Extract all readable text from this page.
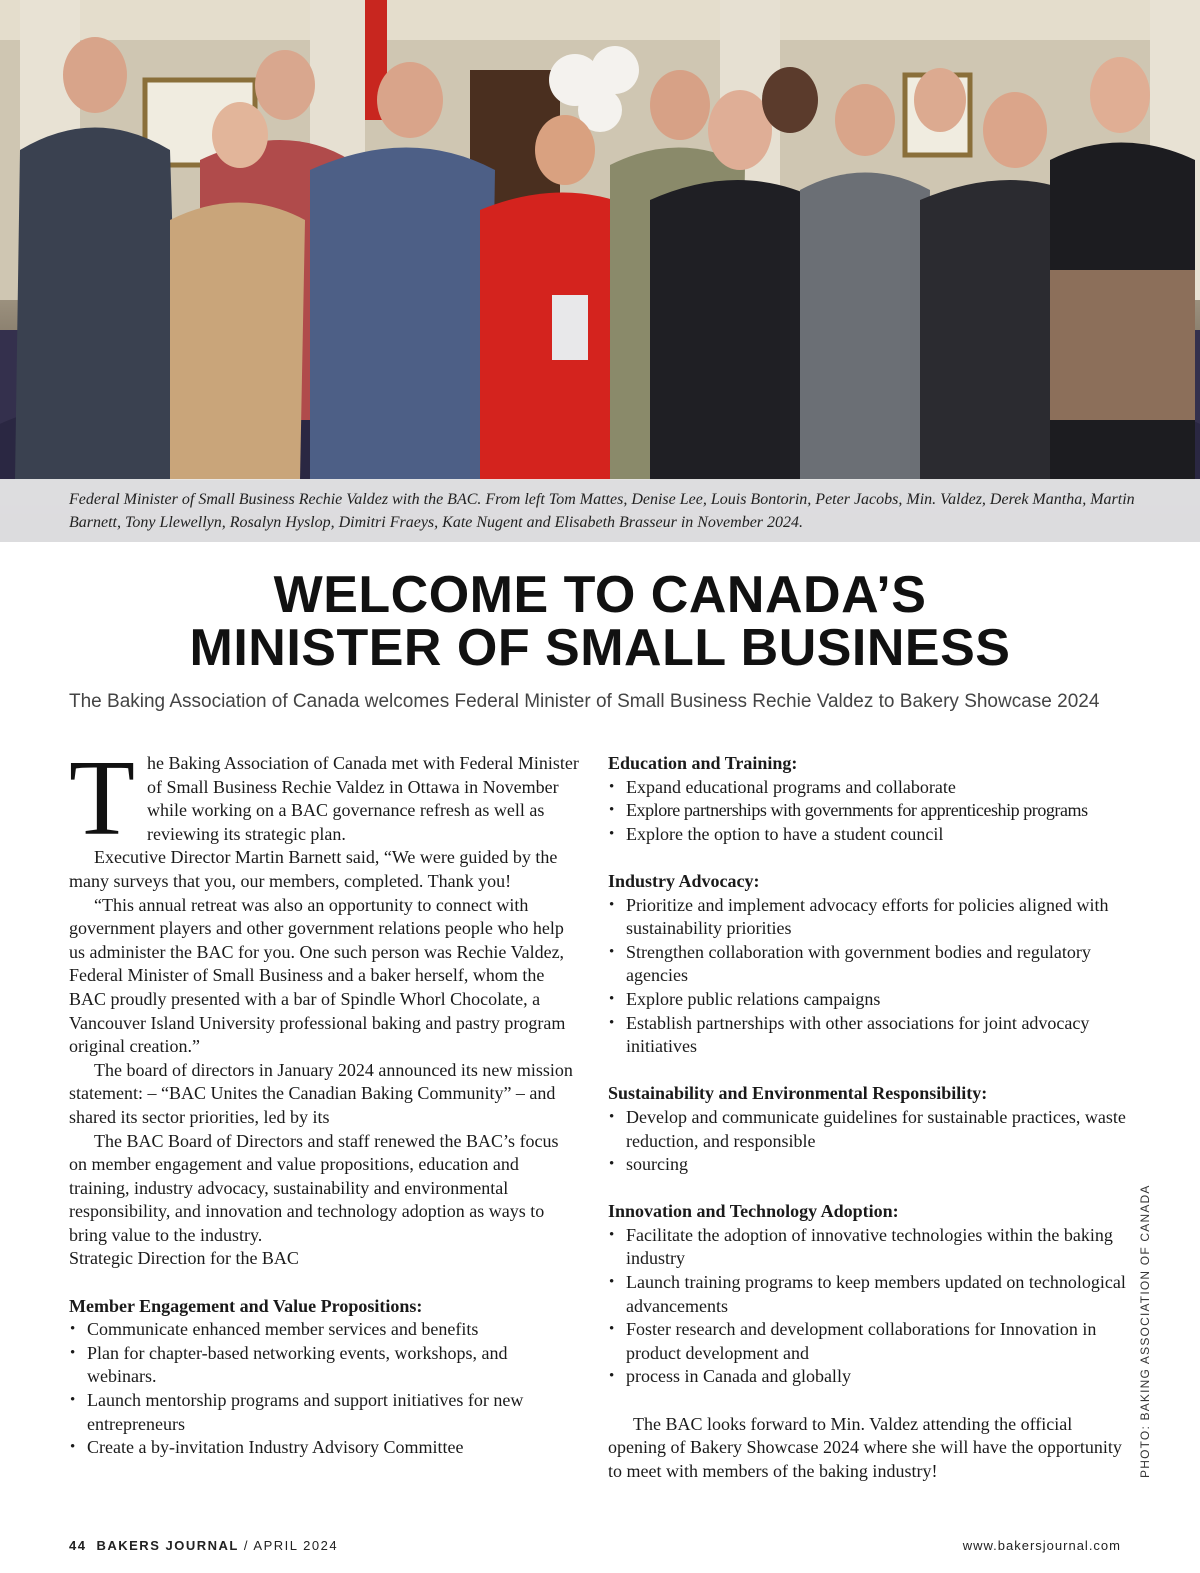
Federal Minister of Small Business Rechie Valdez with the BAC. From left Tom Mattes, Denise Lee, Louis Bontorin, Peter Jacobs, Min. Valdez, Derek Mantha, Martin Barnett, Tony Llewellyn, Rosalyn Hyslop, Dimitri Fraeys, Kate Nugent and Elisabeth Brasseur in November 2024.
WELCOME TO CANADA’S
MINISTER OF SMALL BUSINESS

The Baking Association of Canada welcomes Federal Minister of Small Business Rechie Valdez to Bakery Showcase 2024

T he Baking Association of Canada met with Federal Minister of Small Business Rechie Valdez in Ottawa in November while working on a BAC governance refresh as well as reviewing its strategic plan.

Executive Director Martin Barnett said, “We were guided by the many surveys that you, our members, completed. Thank you!

“This annual retreat was also an opportunity to connect with government players and other government relations people who help us administer the BAC for you. One such person was Rechie Valdez, Federal Minister of Small Business and a baker herself, whom the BAC proudly presented with a bar of Spindle Whorl Chocolate, a Vancouver Island University professional baking and pastry program original creation.”

The board of directors in January 2024 announced its new mission statement: – “BAC Unites the Canadian Baking Community” – and shared its sector priorities, led by its

The BAC Board of Directors and staff renewed the BAC’s focus on member engagement and value propositions, education and training, industry advocacy, sustainability and environmental responsibility, and innovation and technology adoption as ways to bring value to the industry.

Strategic Direction for the BAC

Member Engagement and Value Propositions:

• Communicate enhanced member services and benefits
• Plan for chapter-based networking events, workshops, and webinars.
• Launch mentorship programs and support initiatives for new entrepreneurs
• Create a by-invitation Industry Advisory Committee

Education and Training:

• Expand educational programs and collaborate
• Explore partnerships with governments for apprenticeship programs
• Explore the option to have a student council

Industry Advocacy:

• Prioritize and implement advocacy efforts for policies aligned with sustainability priorities
• Strengthen collaboration with government bodies and regulatory agencies
• Explore public relations campaigns
• Establish partnerships with other associations for joint advocacy initiatives

Sustainability and Environmental Responsibility:

• Develop and communicate guidelines for sustainable practices, waste reduction, and responsible
• sourcing

Innovation and Technology Adoption:

• Facilitate the adoption of innovative technologies within the baking industry
• Launch training programs to keep members updated on technological advancements
• Foster research and development collaborations for Innovation in product development and
• process in Canada and globally

The BAC looks forward to Min. Valdez attending the official opening of Bakery Showcase 2024 where she will have the opportunity to meet with members of the baking industry!	PHOTO: BAKING ASSOCIATION OF CANADA
44 BAKERS JOURNAL / APRIL 2024	www.bakersjournal.com
